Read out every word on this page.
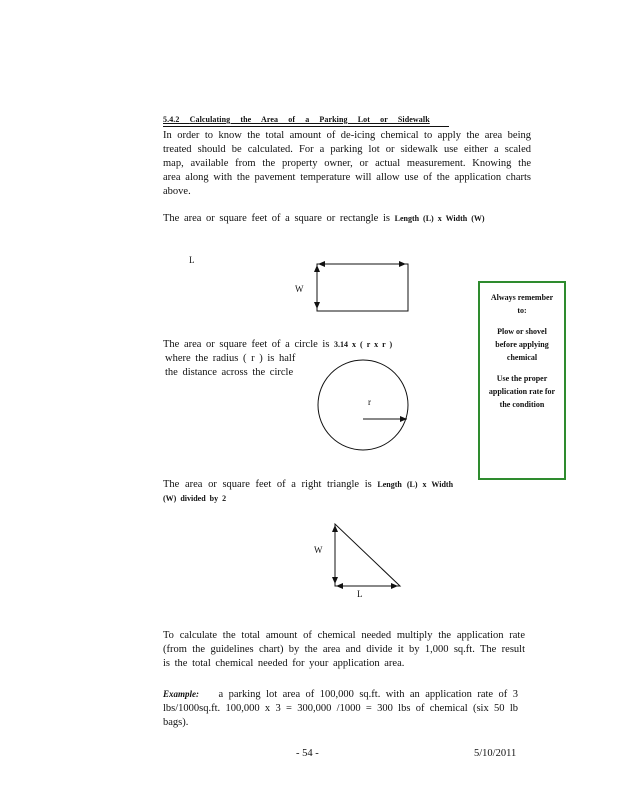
5.4.2 Calculating the Area of a Parking Lot or Sidewalk
In order to know the total amount of de-icing chemical to apply the area being treated should be calculated. For a parking lot or sidewalk use either a scaled map, available from the property owner, or actual measurement. Knowing the area along with the pavement temperature will allow use of the application charts above.
The area or square feet of a square or rectangle is Length (L) x Width (W)
The area or square feet of a circle is 3.14 x ( r x r )
where the radius ( r ) is half the distance across the circle
The area or square feet of a right triangle is Length (L) x Width (W) divided by 2
L
W
r
W
L
Always remember to:
Plow or shovel before applying chemical
Use the proper application rate for the condition
To calculate the total amount of chemical needed multiply the application rate (from the guidelines chart) by the area and divide it by 1,000 sq.ft. The result is the total chemical needed for your application area.
Example: a parking lot area of 100,000 sq.ft. with an application rate of 3 lbs/1000sq.ft. 100,000 x 3 = 300,000 /1000 = 300 lbs of chemical (six 50 lb bags).
- 54 -	5/10/2011
